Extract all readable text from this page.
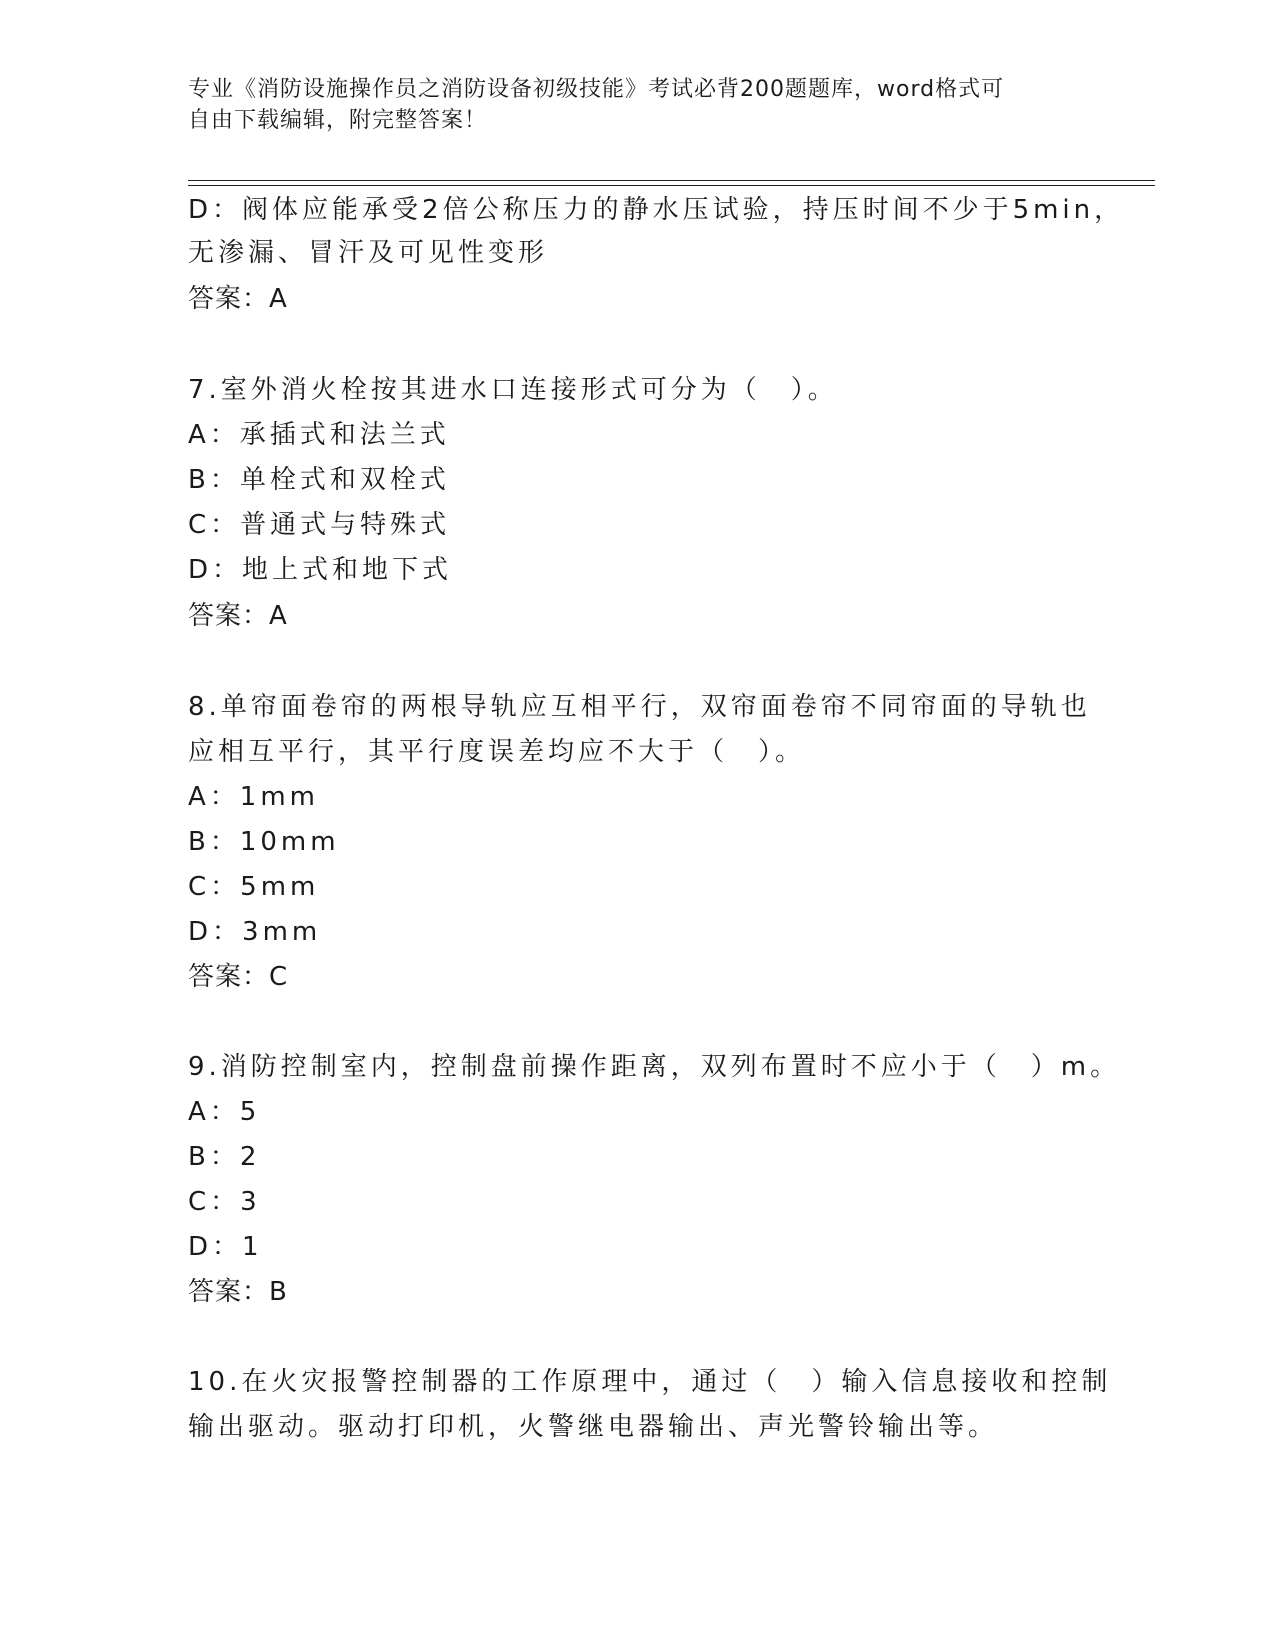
专业《消防设施操作员之消防设备初级技能》考试必背200题题库，word格式可
自由下载编辑，附完整答案！
D：阀体应能承受2倍公称压力的静水压试验，持压时间不少于5min，
无渗漏、冒汗及可见性变形
答案：A
7.室外消火栓按其进水口连接形式可分为（　）。
A：承插式和法兰式
B：单栓式和双栓式
C：普通式与特殊式
D：地上式和地下式
答案：A
8.单帘面卷帘的两根导轨应互相平行，双帘面卷帘不同帘面的导轨也
应相互平行，其平行度误差均应不大于（　）。
A：1mm
B：10mm
C：5mm
D：3mm
答案：C
9.消防控制室内，控制盘前操作距离，双列布置时不应小于（　）m。
A：5
B：2
C：3
D：1
答案：B
10.在火灾报警控制器的工作原理中，通过（　）输入信息接收和控制
输出驱动。驱动打印机，火警继电器输出、声光警铃输出等。
